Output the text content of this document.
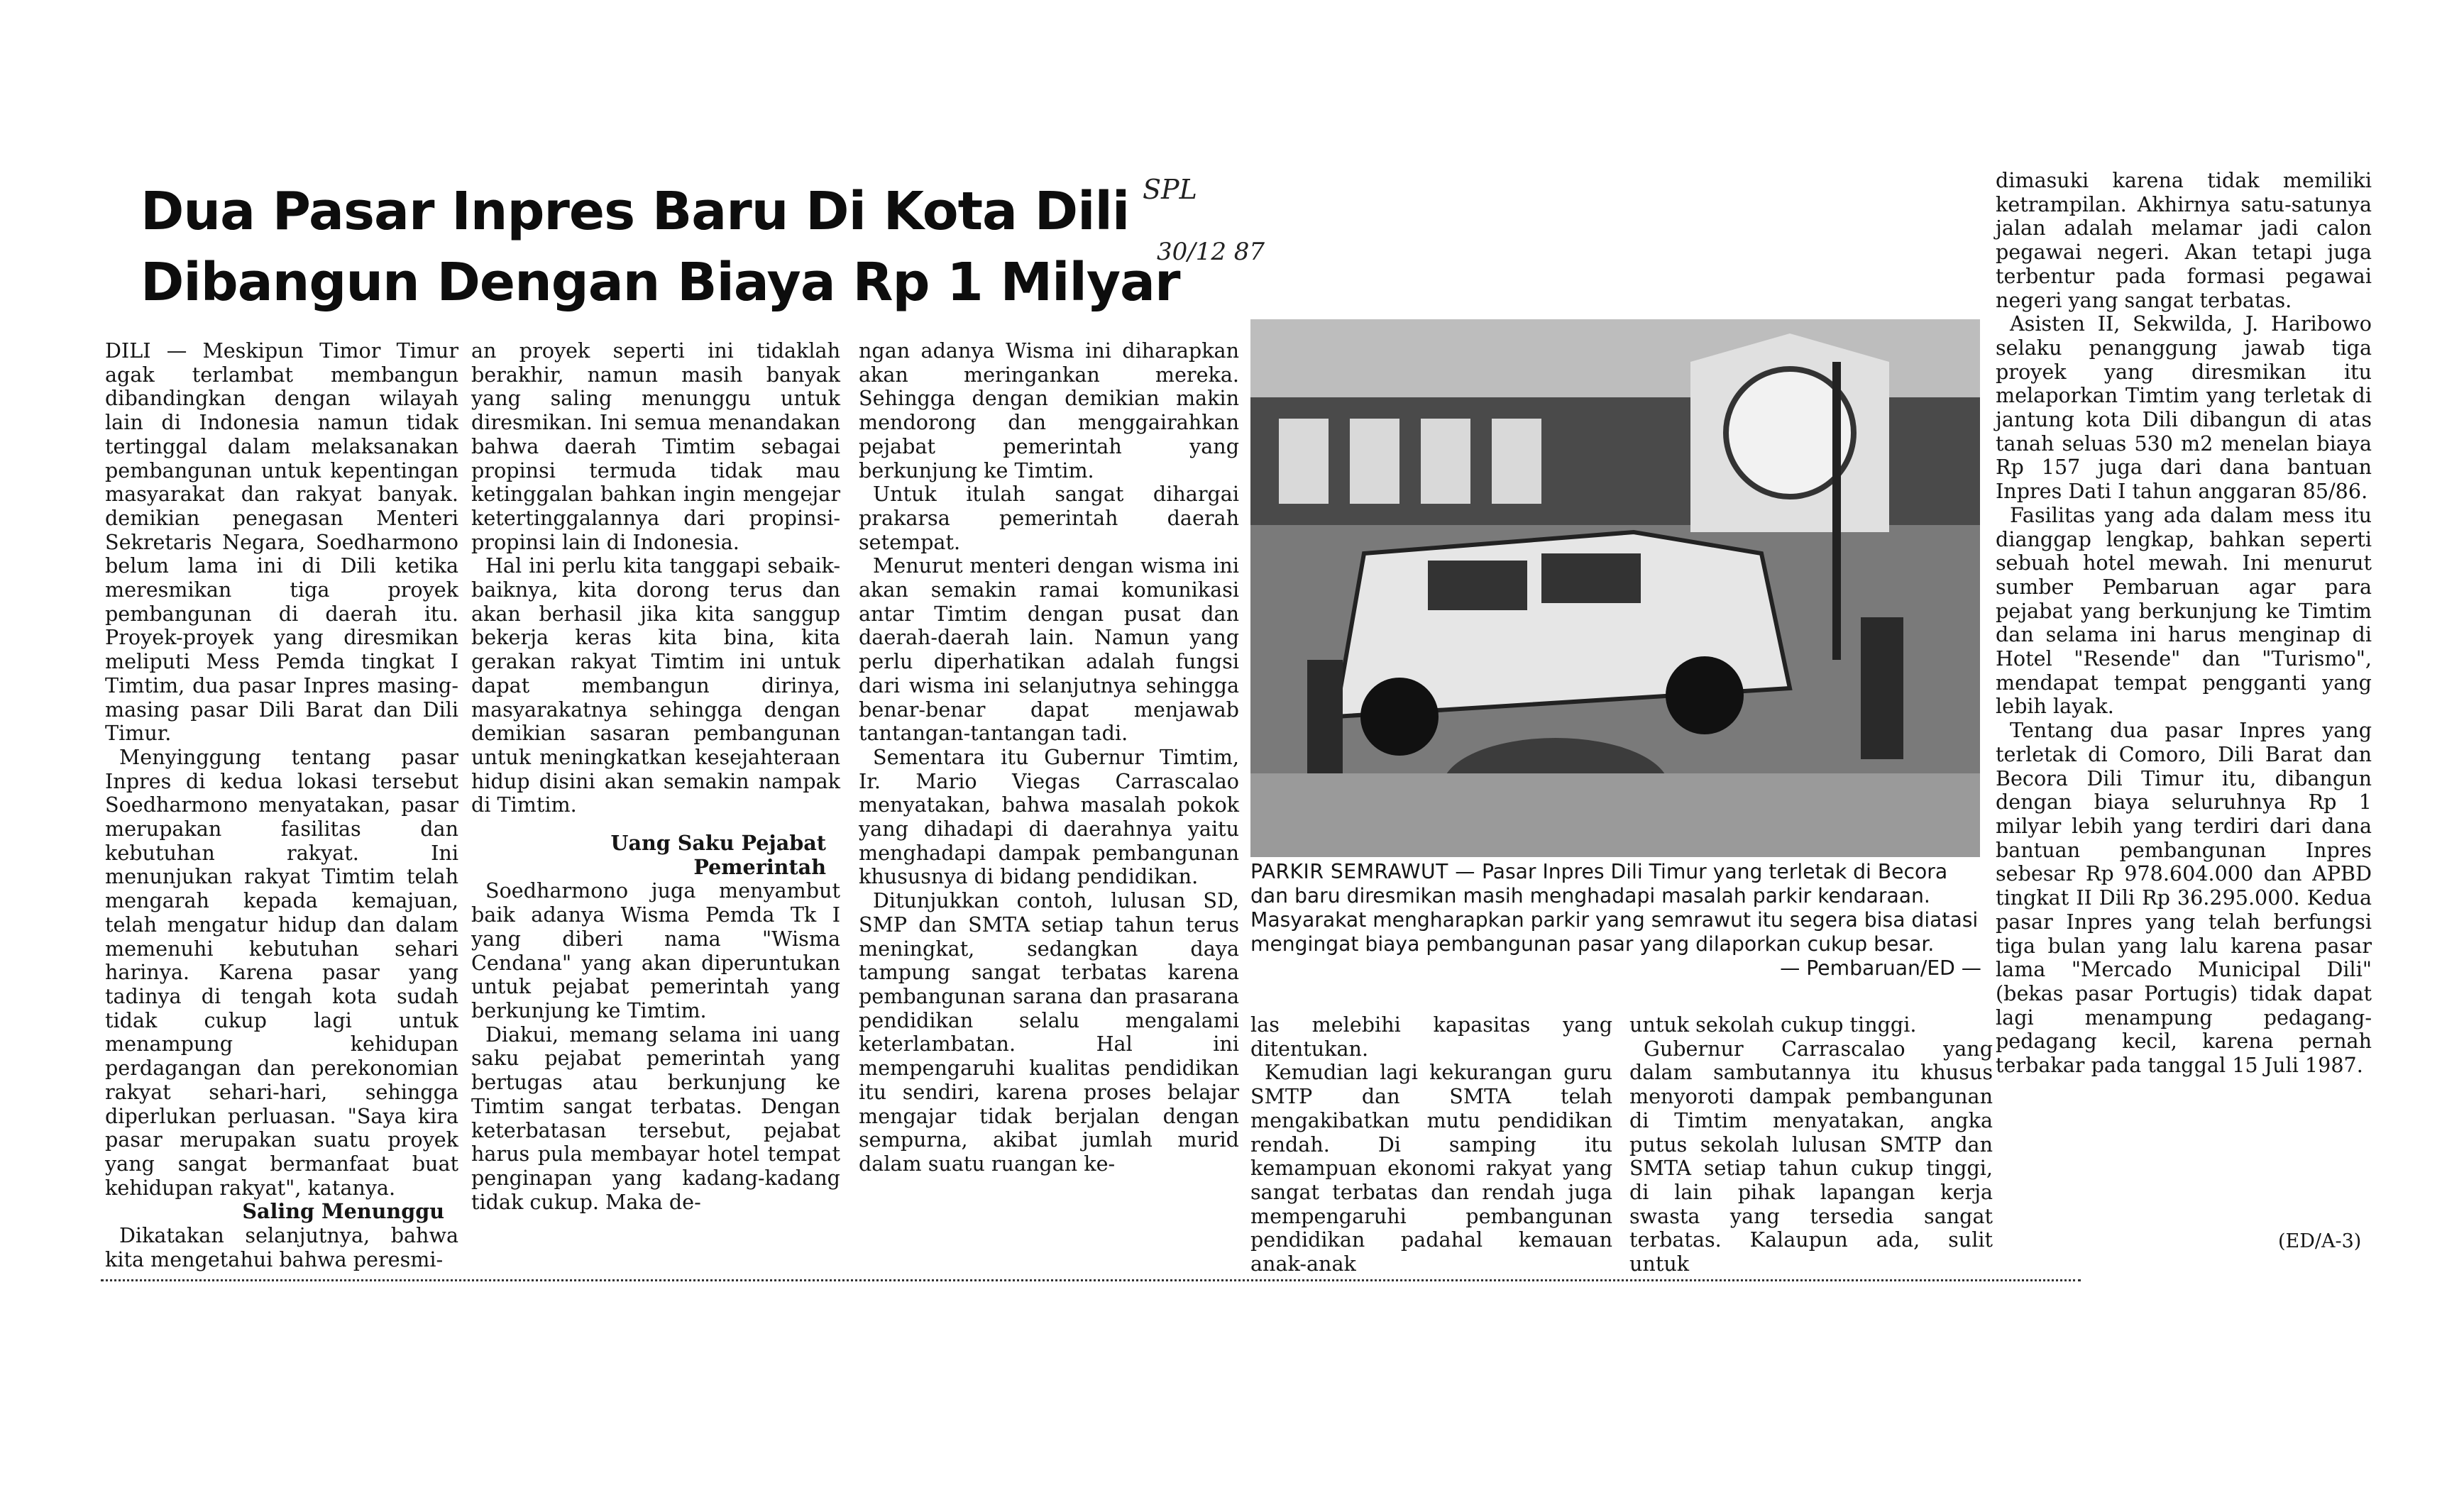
Dua Pasar Inpres Baru Di Kota Dili
Dibangun Dengan Biaya Rp 1 Milyar
SPL
30/12 87

DILI — Meskipun Timor Timur agak terlambat membangun dibandingkan dengan wilayah lain di Indonesia namun tidak tertinggal dalam melaksanakan pembangunan untuk kepentingan masyarakat dan rakyat banyak. demikian penegasan Menteri Sekretaris Negara, Soedharmono belum lama ini di Dili ketika meresmikan tiga proyek pembangunan di daerah itu. Proyek-proyek yang diresmikan meliputi Mess Pemda tingkat I Timtim, dua pasar Inpres masing-masing pasar Dili Barat dan Dili Timur.

Menyinggung tentang pasar Inpres di kedua lokasi tersebut Soedharmono menyatakan, pasar merupakan fasilitas dan kebutuhan rakyat. Ini menunjukan rakyat Timtim telah mengarah kepada kemajuan, telah mengatur hidup dan dalam memenuhi kebutuhan sehari harinya. Karena pasar yang tadinya di tengah kota sudah tidak cukup lagi untuk menampung kehidupan perdagangan dan perekonomian rakyat sehari-hari, sehingga diperlukan perluasan. "Saya kira pasar merupakan suatu proyek yang sangat bermanfaat buat kehidupan rakyat", katanya.

Saling Menunggu

Dikatakan selanjutnya, bahwa kita mengetahui bahwa peresmi-

an proyek seperti ini tidaklah berakhir, namun masih banyak yang saling menunggu untuk diresmikan. Ini semua menandakan bahwa daerah Timtim sebagai propinsi termuda tidak mau ketinggalan bahkan ingin mengejar ketertinggalannya dari propinsi-propinsi lain di Indonesia.

Hal ini perlu kita tanggapi sebaik-baiknya, kita dorong terus dan akan berhasil jika kita sanggup bekerja keras kita bina, kita gerakan rakyat Timtim ini untuk dapat membangun dirinya, masyarakatnya sehingga dengan demikian sasaran pembangunan untuk meningkatkan kesejahteraan hidup disini akan semakin nampak di Timtim.

Uang Saku Pejabat Pemerintah

Soedharmono juga menyambut baik adanya Wisma Pemda Tk I yang diberi nama "Wisma Cendana" yang akan diperuntukan untuk pejabat pemerintah yang berkunjung ke Timtim.

Diakui, memang selama ini uang saku pejabat pemerintah yang bertugas atau berkunjung ke Timtim sangat terbatas. Dengan keterbatasan tersebut, pejabat harus pula membayar hotel tempat penginapan yang kadang-kadang tidak cukup. Maka de-

ngan adanya Wisma ini diharapkan akan meringankan mereka. Sehingga dengan demikian makin mendorong dan menggairahkan pejabat pemerintah yang berkunjung ke Timtim.

Untuk itulah sangat dihargai prakarsa pemerintah daerah setempat.

Menurut menteri dengan wisma ini akan semakin ramai komunikasi antar Timtim dengan pusat dan daerah-daerah lain. Namun yang perlu diperhatikan adalah fungsi dari wisma ini selanjutnya sehingga benar-benar dapat menjawab tantangan-tantangan tadi.

Sementara itu Gubernur Timtim, Ir. Mario Viegas Carrascalao menyatakan, bahwa masalah pokok yang dihadapi di daerahnya yaitu menghadapi dampak pembangunan khususnya di bidang pendidikan.

Ditunjukkan contoh, lulusan SD, SMP dan SMTA setiap tahun terus meningkat, sedangkan daya tampung sangat terbatas karena pembangunan sarana dan prasarana pendidikan selalu mengalami keterlambatan. Hal ini mempengaruhi kualitas pendidikan itu sendiri, karena proses belajar mengajar tidak berjalan dengan sempurna, akibat jumlah murid dalam suatu ruangan ke-

PARKIR SEMRAWUT — Pasar Inpres Dili Timur yang terletak di Becora dan baru diresmikan masih menghadapi masalah parkir kendaraan. Masyarakat mengharapkan parkir yang semrawut itu segera bisa diatasi mengingat biaya pembangunan pasar yang dilaporkan cukup besar.
— Pembaruan/ED —

las melebihi kapasitas yang ditentukan.

Kemudian lagi kekurangan guru SMTP dan SMTA telah mengakibatkan mutu pendidikan rendah. Di samping itu kemampuan ekonomi rakyat yang sangat terbatas dan rendah juga mempengaruhi pembangunan pendidikan padahal kemauan anak-anak

untuk sekolah cukup tinggi.

Gubernur Carrascalao yang dalam sambutannya itu khusus menyoroti dampak pembangunan di Timtim menyatakan, angka putus sekolah lulusan SMTP dan SMTA setiap tahun cukup tinggi, di lain pihak lapangan kerja swasta yang tersedia sangat terbatas. Kalaupun ada, sulit untuk

dimasuki karena tidak memiliki ketrampilan. Akhirnya satu-satunya jalan adalah melamar jadi calon pegawai negeri. Akan tetapi juga terbentur pada formasi pegawai negeri yang sangat terbatas.

Asisten II, Sekwilda, J. Haribowo selaku penanggung jawab tiga proyek yang diresmikan itu melaporkan Timtim yang terletak di jantung kota Dili dibangun di atas tanah seluas 530 m2 menelan biaya Rp 157 juga dari dana bantuan Inpres Dati I tahun anggaran 85/86.

Fasilitas yang ada dalam mess itu dianggap lengkap, bahkan seperti sebuah hotel mewah. Ini menurut sumber Pembaruan agar para pejabat yang berkunjung ke Timtim dan selama ini harus menginap di Hotel "Resende" dan "Turismo", mendapat tempat pengganti yang lebih layak.

Tentang dua pasar Inpres yang terletak di Comoro, Dili Barat dan Becora Dili Timur itu, dibangun dengan biaya seluruhnya Rp 1 milyar lebih yang terdiri dari dana bantuan pembangunan Inpres sebesar Rp 978.604.000 dan APBD tingkat II Dili Rp 36.295.000. Kedua pasar Inpres yang telah berfungsi tiga bulan yang lalu karena pasar lama "Mercado Municipal Dili" (bekas pasar Portugis) tidak dapat lagi menampung pedagang-pedagang kecil, karena pernah terbakar pada tanggal 15 Juli 1987.

(ED/A-3)
